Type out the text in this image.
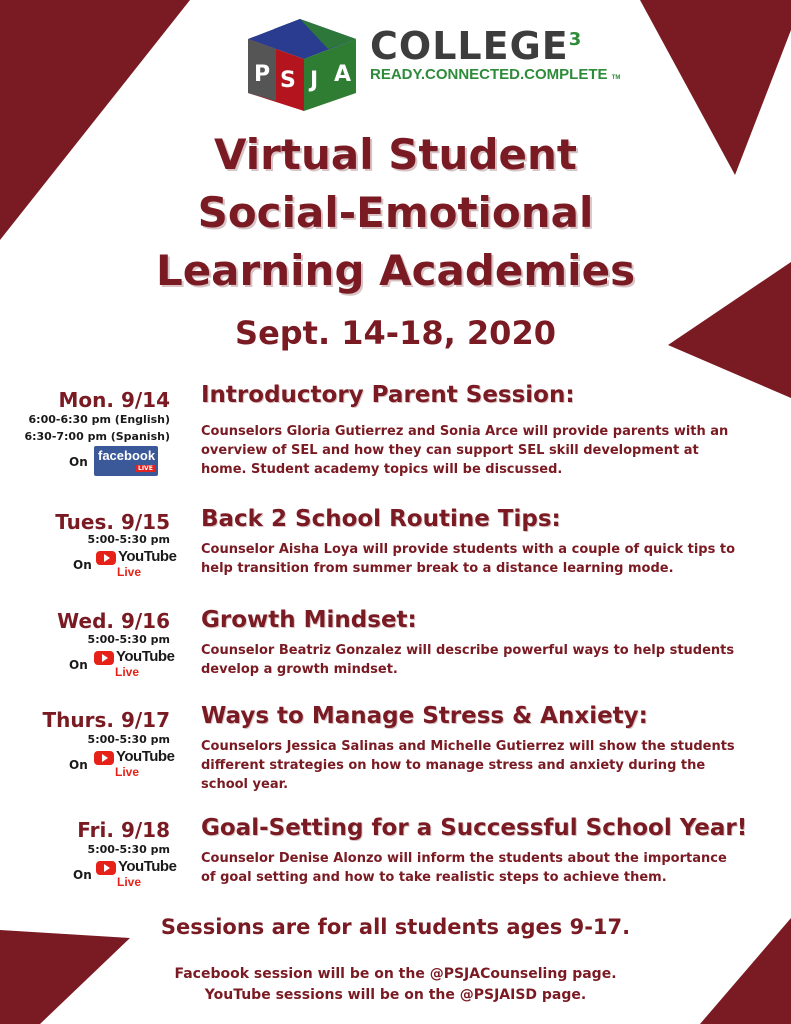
P S J A
COLLEGE$^3$
READY.CONNECTED.COMPLETE TM
Virtual Student
Social-Emotional
Learning Academies
Sept. 14-18, 2020
Mon. 9/14
6:00-6:30 pm (English)
6:30-7:00 pm (Spanish)
On facebook
LIVE
Introductory Parent Session:
Counselors Gloria Gutierrez and Sonia Arce will provide parents with an overview of SEL and how they can support SEL skill development at home. Student academy topics will be discussed.
Tues. 9/15
5:00-5:30 pm
On YouTube
Live
Back 2 School Routine Tips:
Counselor Aisha Loya will provide students with a couple of quick tips to help transition from summer break to a distance learning mode.
Wed. 9/16
5:00-5:30 pm
On YouTube
Live
Growth Mindset:
Counselor Beatriz Gonzalez will describe powerful ways to help students develop a growth mindset.
Thurs. 9/17
5:00-5:30 pm
On YouTube
Live
Ways to Manage Stress & Anxiety:
Counselors Jessica Salinas and Michelle Gutierrez will show the students different strategies on how to manage stress and anxiety during the school year.
Fri. 9/18
5:00-5:30 pm
On YouTube
Live
Goal-Setting for a Successful School Year!
Counselor Denise Alonzo will inform the students about the importance of goal setting and how to take realistic steps to achieve them.
Sessions are for all students ages 9-17.
Facebook session will be on the @PSJACounseling page.
YouTube sessions will be on the @PSJAISD page.
